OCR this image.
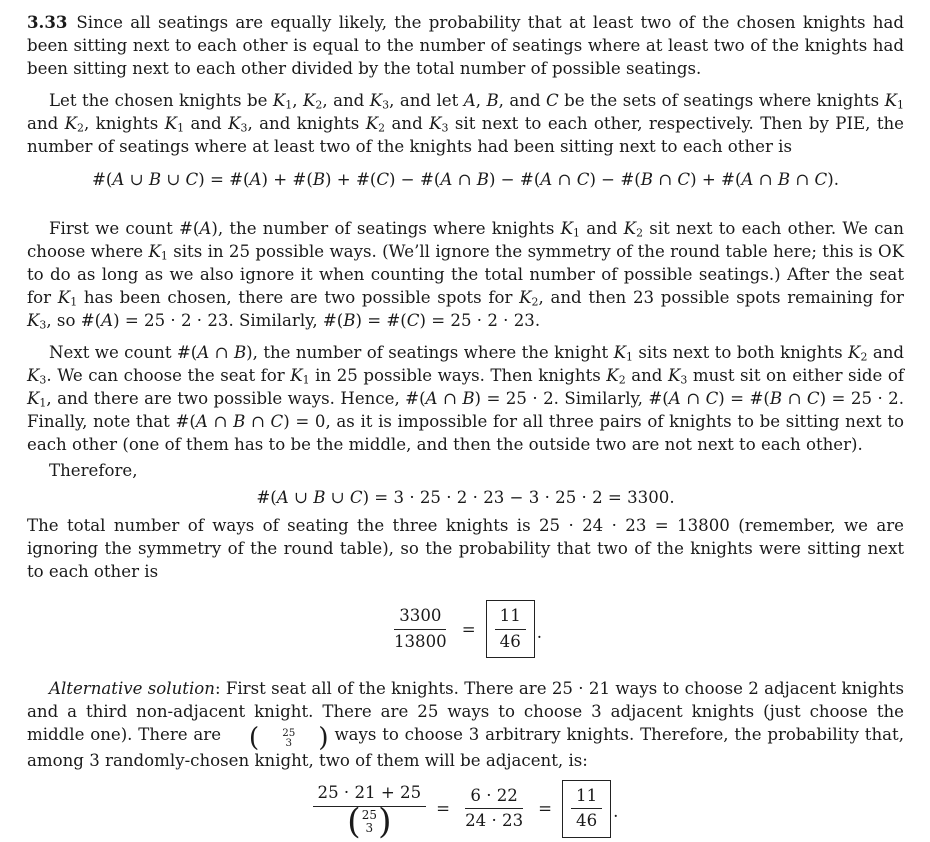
3.33 Since all seatings are equally likely, the probability that at least two of the chosen knights had been sitting next to each other is equal to the number of seatings where at least two of the knights had been sitting next to each other divided by the total number of possible seatings.

Let the chosen knights be $K_1$, $K_2$, and $K_3$, and let A, B, and C be the sets of seatings where knights $K_1$ and $K_2$, knights $K_1$ and $K_3$, and knights $K_2$ and $K_3$ sit next to each other, respectively. Then by PIE, the number of seatings where at least two of the knights had been sitting next to each other is

#(A ∪ B ∪ C) = #(A) + #(B) + #(C) − #(A ∩ B) − #(A ∩ C) − #(B ∩ C) + #(A ∩ B ∩ C).

First we count #(A), the number of seatings where knights $K_1$ and $K_2$ sit next to each other. We can choose where $K_1$ sits in 25 possible ways. (We’ll ignore the symmetry of the round table here; this is OK to do as long as we also ignore it when counting the total number of possible seatings.) After the seat for $K_1$ has been chosen, there are two possible spots for $K_2$, and then 23 possible spots remaining for $K_3$, so #(A) = 25 · 2 · 23. Similarly, #(B) = #(C) = 25 · 2 · 23.

Next we count #(A ∩ B), the number of seatings where the knight $K_1$ sits next to both knights $K_2$ and $K_3$. We can choose the seat for $K_1$ in 25 possible ways. Then knights $K_2$ and $K_3$ must sit on either side of $K_1$, and there are two possible ways. Hence, #(A ∩ B) = 25 · 2. Similarly, #(A ∩ C) = #(B ∩ C) = 25 · 2. Finally, note that #(A ∩ B ∩ C) = 0, as it is impossible for all three pairs of knights to be sitting next to each other (one of them has to be the middle, and then the outside two are not next to each other).

Therefore,

#(A ∪ B ∪ C) = 3 · 25 · 2 · 23 − 3 · 25 · 2 = 3300.

The total number of ways of seating the three knights is 25 · 24 · 23 = 13800 (remember, we are ignoring the symmetry of the round table), so the probability that two of the knights were sitting next to each other is

$\frac{3300}{13800} = \frac{11}{46}$ .

Alternative solution: First seat all of the knights. There are 25 · 21 ways to choose 2 adjacent knights and a third non-adjacent knight. There are 25 ways to choose 3 adjacent knights (just choose the middle one). There are (	25
3 ) ways to choose 3 arbitrary knights. Therefore, the probability that, among 3 randomly-chosen knight, two of them will be adjacent, is:

25 · 21 + 25
( 25
3 )	= $\frac{6 \cdot 22}{24 \cdot 23} = \frac{11}{46}$ .
